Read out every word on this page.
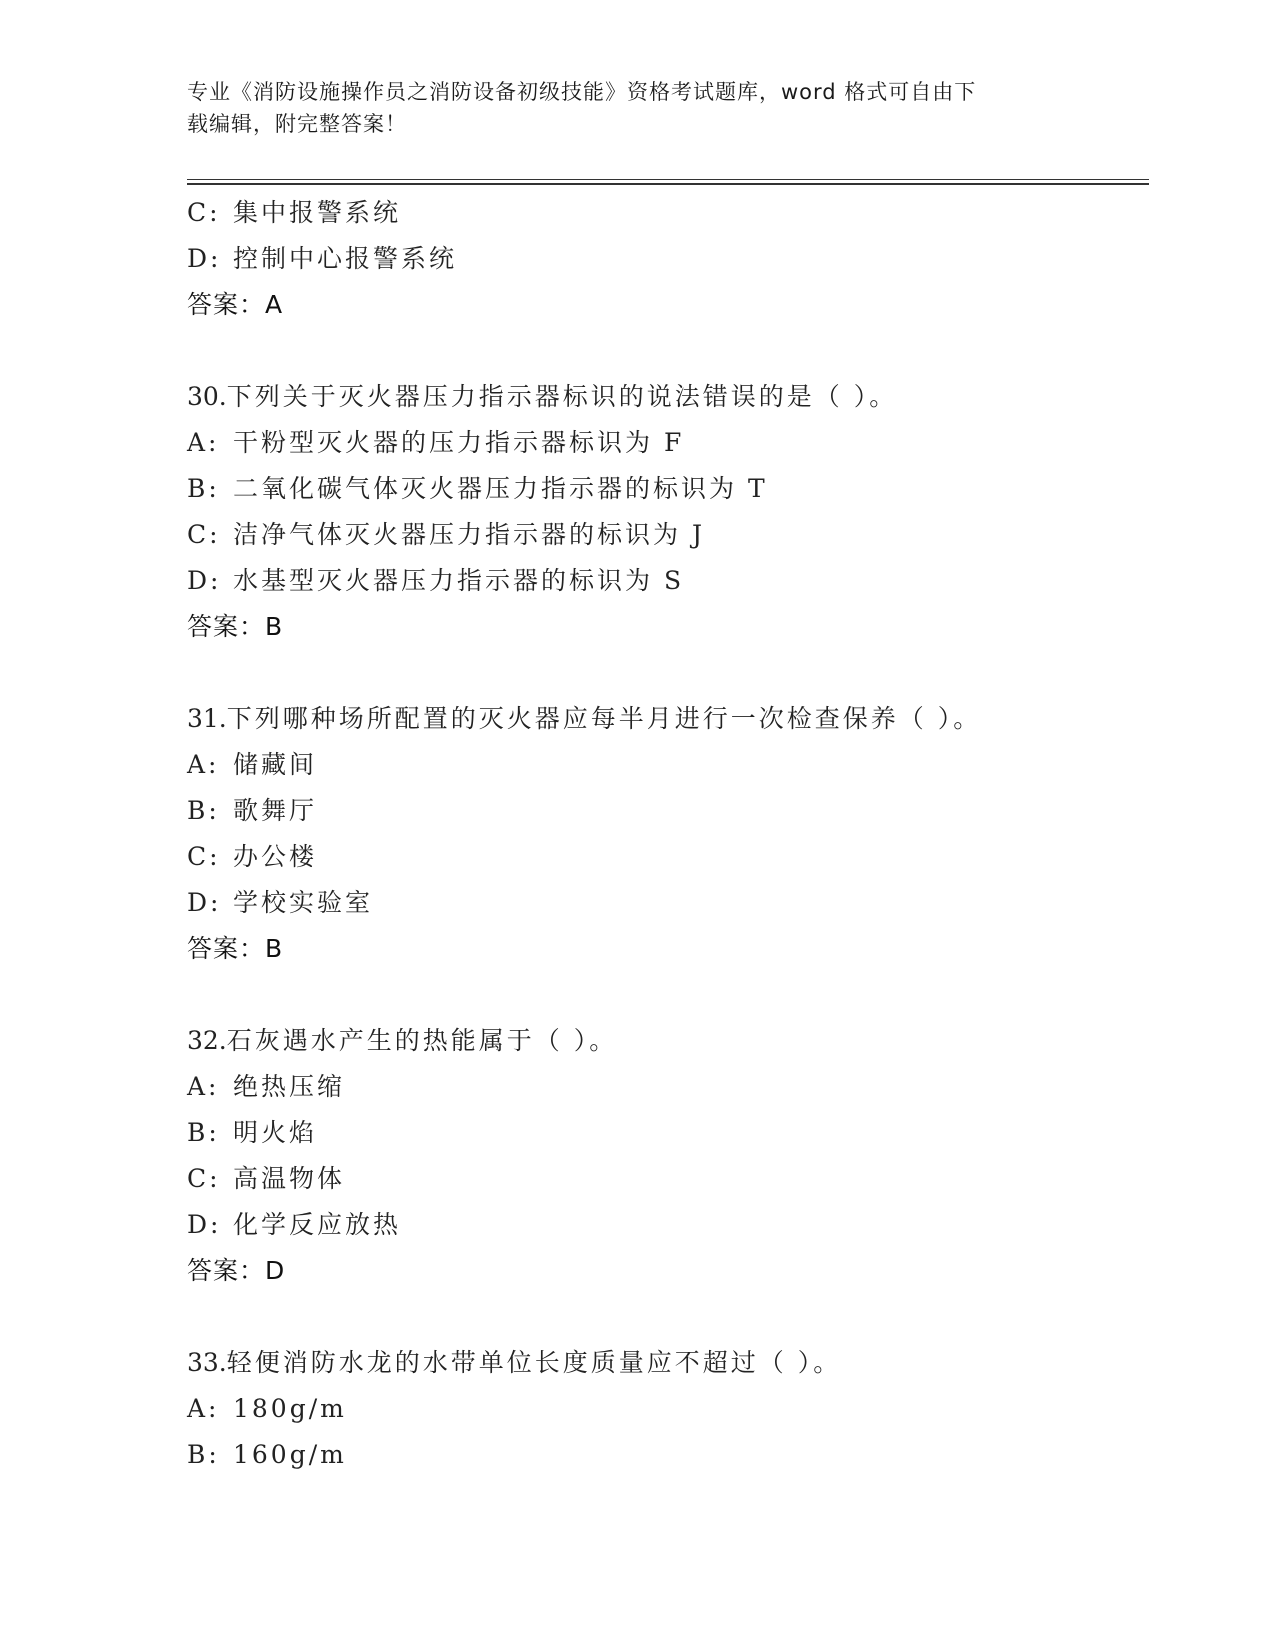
专业《消防设施操作员之消防设备初级技能》资格考试题库，word 格式可自由下
载编辑，附完整答案！
C: 集中报警系统
D: 控制中心报警系统
答案：A
30.下列关于灭火器压力指示器标识的说法错误的是（ ）。
A: 干粉型灭火器的压力指示器标识为 F
B: 二氧化碳气体灭火器压力指示器的标识为 T
C: 洁净气体灭火器压力指示器的标识为 J
D: 水基型灭火器压力指示器的标识为 S
答案：B
31.下列哪种场所配置的灭火器应每半月进行一次检查保养（ ）。
A: 储藏间
B: 歌舞厅
C: 办公楼
D: 学校实验室
答案：B
32.石灰遇水产生的热能属于（ ）。
A: 绝热压缩
B: 明火焰
C: 高温物体
D: 化学反应放热
答案：D
33.轻便消防水龙的水带单位长度质量应不超过（ ）。
A: 180g/m
B: 160g/m
